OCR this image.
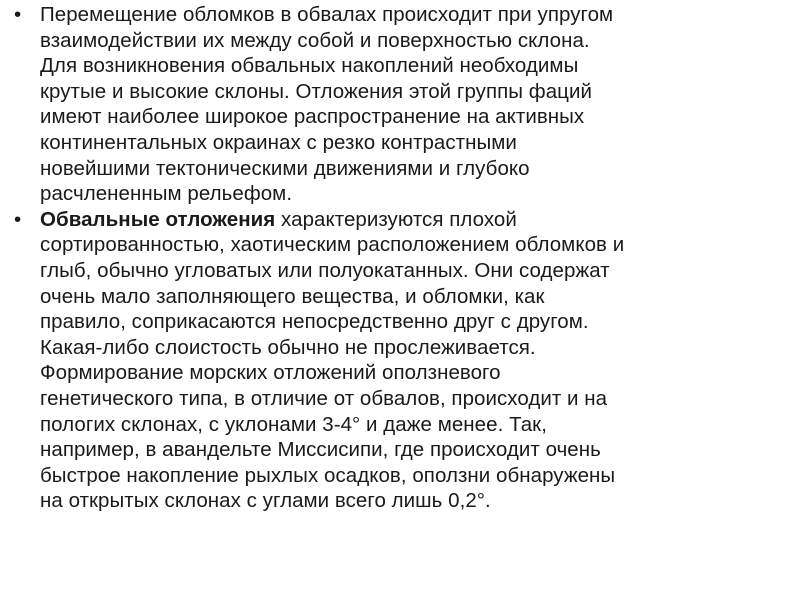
• Перемещение обломков в обвалах происходит при упругом
взаимодействии их между собой и поверхностью склона.
Для возникновения обвальных накоплений необходимы
крутые и высокие склоны. Отложения этой группы фаций
имеют наиболее широкое распространение на активных
континентальных окраинах с резко контрастными
новейшими тектоническими движениями и глубоко
расчлененным рельефом.
• Обвальные отложения характеризуются плохой
сортированностью, хаотическим расположением обломков и
глыб, обычно угловатых или полуокатанных. Они содержат
очень мало заполняющего вещества, и обломки, как
правило, соприкасаются непосредственно друг с другом.
Какая-либо слоистость обычно не прослеживается.
Формирование морских отложений оползневого
генетического типа, в отличие от обвалов, происходит и на
пологих склонах, с уклонами 3-4° и даже менее. Так,
например, в авандельте Миссисипи, где происходит очень
быстрое накопление рыхлых осадков, оползни обнаружены
на открытых склонах с углами всего лишь 0,2°.
